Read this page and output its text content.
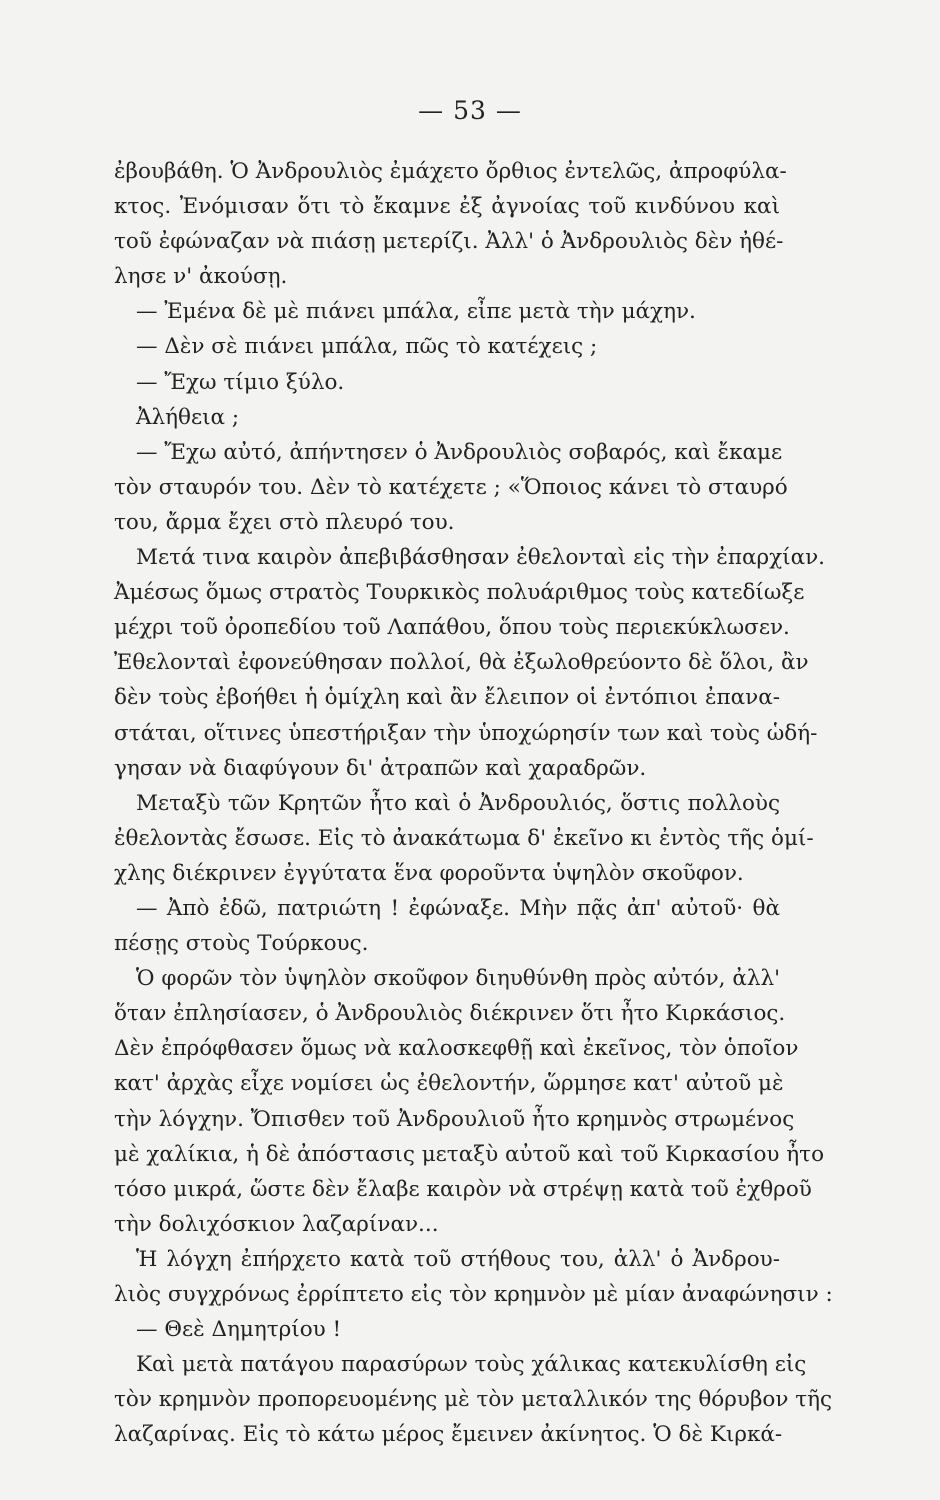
— 53 —
ἐβουβάθη. Ὁ Ἀνδρουλιὸς ἐμάχετο ὄρθιος ἐντελῶς, ἀπροφύλα-
κτος. Ἐνόμισαν ὅτι τὸ ἔκαμνε ἐξ ἀγνοίας τοῦ κινδύνου καὶ
τοῦ ἐφώναζαν νὰ πιάσῃ μετερίζι. Ἀλλ' ὁ Ἀνδρουλιὸς δὲν ἠθέ-
λησε ν' ἀκούσῃ.
— Ἐμένα δὲ μὲ πιάνει μπάλα, εἶπε μετὰ τὴν μάχην.
— Δὲν σὲ πιάνει μπάλα, πῶς τὸ κατέχεις ;
— Ἔχω τίμιο ξύλο.
Ἀλήθεια ;
— Ἔχω αὐτό, ἀπήντησεν ὁ Ἀνδρουλιὸς σοβαρός, καὶ ἔκαμε
τὸν σταυρόν του. Δὲν τὸ κατέχετε ; «Ὅποιος κάνει τὸ σταυρό
του, ἄρμα ἔχει στὸ πλευρό του.
Μετά τινα καιρὸν ἀπεβιβάσθησαν ἐθελονταὶ εἰς τὴν ἐπαρχίαν.
Ἀμέσως ὅμως στρατὸς Τουρκικὸς πολυάριθμος τοὺς κατεδίωξε
μέχρι τοῦ ὀροπεδίου τοῦ Λαπάθου, ὅπου τοὺς περιεκύκλωσεν.
Ἐθελονταὶ ἐφονεύθησαν πολλοί, θὰ ἐξωλοθρεύοντο δὲ ὅλοι, ἂν
δὲν τοὺς ἐβοήθει ἡ ὁμίχλη καὶ ἂν ἔλειπον οἱ ἐντόπιοι ἐπανα-
στάται, οἵτινες ὑπεστήριξαν τὴν ὑποχώρησίν των καὶ τοὺς ὡδή-
γησαν νὰ διαφύγουν δι' ἀτραπῶν καὶ χαραδρῶν.
Μεταξὺ τῶν Κρητῶν ἦτο καὶ ὁ Ἀνδρουλιός, ὅστις πολλοὺς
ἐθελοντὰς ἔσωσε. Εἰς τὸ ἀνακάτωμα δ' ἐκεῖνο κι ἐντὸς τῆς ὁμί-
χλης διέκρινεν ἐγγύτατα ἕνα φοροῦντα ὑψηλὸν σκοῦφον.
— Ἀπὸ ἐδῶ, πατριώτη ! ἐφώναξε. Μὴν πᾷς ἀπ' αὐτοῦ· θὰ
πέσῃς στοὺς Τούρκους.
Ὁ φορῶν τὸν ὑψηλὸν σκοῦφον διηυθύνθη πρὸς αὐτόν, ἀλλ'
ὅταν ἐπλησίασεν, ὁ Ἀνδρουλιὸς διέκρινεν ὅτι ἦτο Κιρκάσιος.
Δὲν ἐπρόφθασεν ὅμως νὰ καλοσκεφθῇ καὶ ἐκεῖνος, τὸν ὁποῖον
κατ' ἀρχὰς εἶχε νομίσει ὡς ἐθελοντήν, ὥρμησε κατ' αὐτοῦ μὲ
τὴν λόγχην. Ὄπισθεν τοῦ Ἀνδρουλιοῦ ἦτο κρημνὸς στρωμένος
μὲ χαλίκια, ἡ δὲ ἀπόστασις μεταξὺ αὐτοῦ καὶ τοῦ Κιρκασίου ἦτο
τόσο μικρά, ὥστε δὲν ἔλαβε καιρὸν νὰ στρέψῃ κατὰ τοῦ ἐχθροῦ
τὴν δολιχόσκιον λαζαρίναν...
Ἡ λόγχη ἐπήρχετο κατὰ τοῦ στήθους του, ἀλλ' ὁ Ἀνδρου-
λιὸς συγχρόνως ἐρρίπτετο εἰς τὸν κρημνὸν μὲ μίαν ἀναφώνησιν :
— Θεὲ Δημητρίου !
Καὶ μετὰ πατάγου παρασύρων τοὺς χάλικας κατεκυλίσθη εἰς
τὸν κρημνὸν προπορευομένης μὲ τὸν μεταλλικόν της θόρυβον τῆς
λαζαρίνας. Εἰς τὸ κάτω μέρος ἔμεινεν ἀκίνητος. Ὁ δὲ Κιρκά-
